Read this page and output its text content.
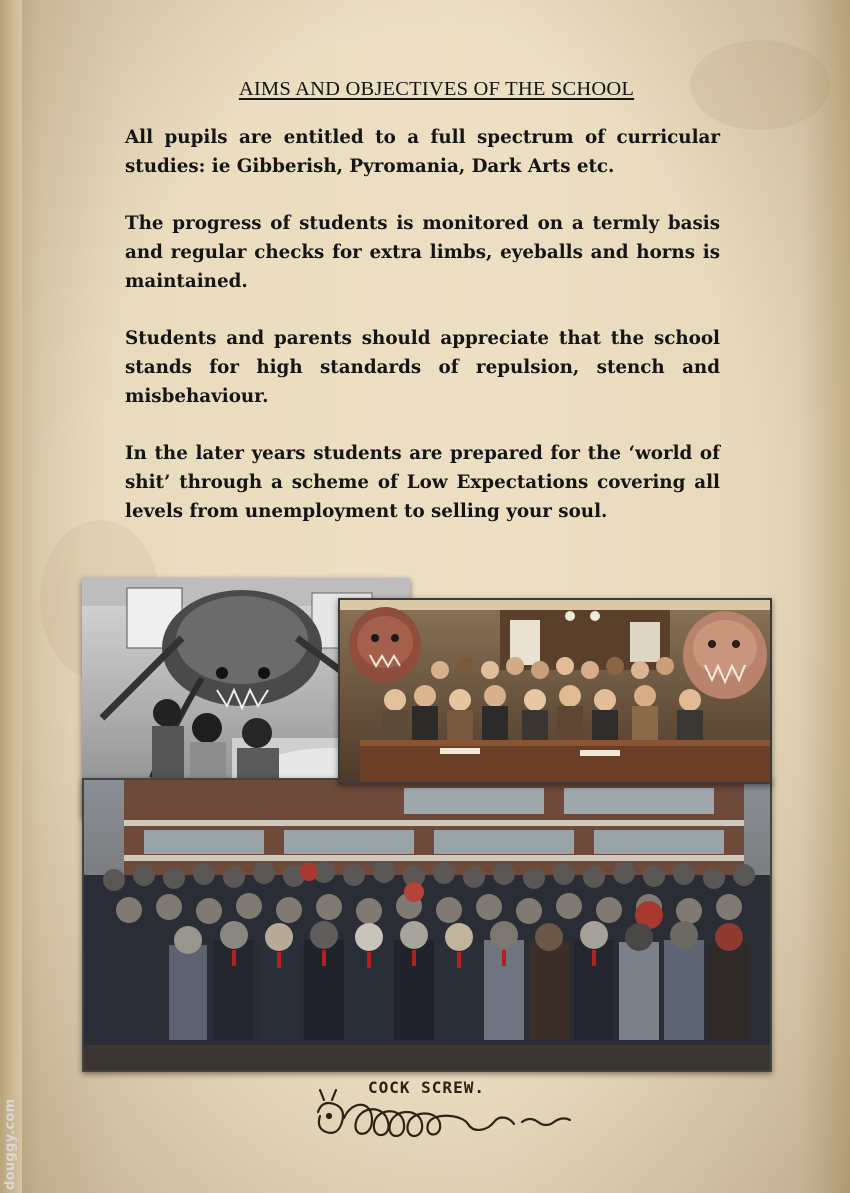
AIMS AND OBJECTIVES OF THE SCHOOL

All pupils are entitled to a full spectrum of curricular studies: ie Gibberish, Pyromania, Dark Arts etc.

The progress of students is monitored on a termly basis and regular checks for extra limbs, eyeballs and horns is maintained.

Students and parents should appreciate that the school stands for high standards of repulsion, stench and misbehaviour.

In the later years students are prepared for the ‘world of shit’ through a scheme of Low Expectations covering all levels from unemployment to selling your soul.

douggy.com
COCK SCREW.
